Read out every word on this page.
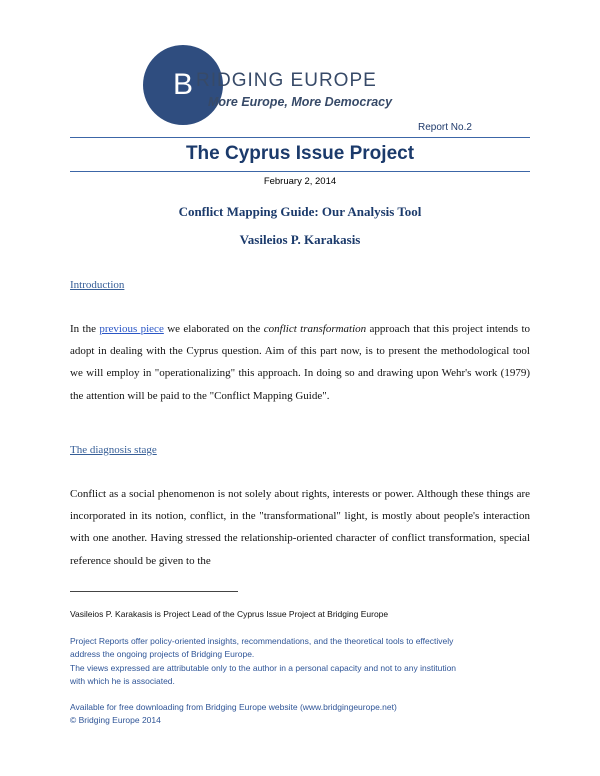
B RIDGING EUROPE
More Europe, More Democracy
Report No.2
The Cyprus Issue Project
February 2, 2014
Conflict Mapping Guide: Our Analysis Tool
Vasileios P. Karakasis
Introduction
In the previous piece we elaborated on the conflict transformation approach that this project intends to adopt in dealing with the Cyprus question. Aim of this part now, is to present the methodological tool we will employ in "operationalizing" this approach. In doing so and drawing upon Wehr's work (1979) the attention will be paid to the "Conflict Mapping Guide".
The diagnosis stage
Conflict as a social phenomenon is not solely about rights, interests or power. Although these things are incorporated in its notion, conflict, in the "transformational" light, is mostly about people's interaction with one another. Having stressed the relationship-oriented character of conflict transformation, special reference should be given to the
Vasileios P. Karakasis is Project Lead of the Cyprus Issue Project at Bridging Europe
Project Reports offer policy-oriented insights, recommendations, and the theoretical tools to effectively
address the ongoing projects of Bridging Europe.
The views expressed are attributable only to the author in a personal capacity and not to any institution
with which he is associated.
Available for free downloading from Bridging Europe website (www.bridgingeurope.net)
© Bridging Europe 2014
